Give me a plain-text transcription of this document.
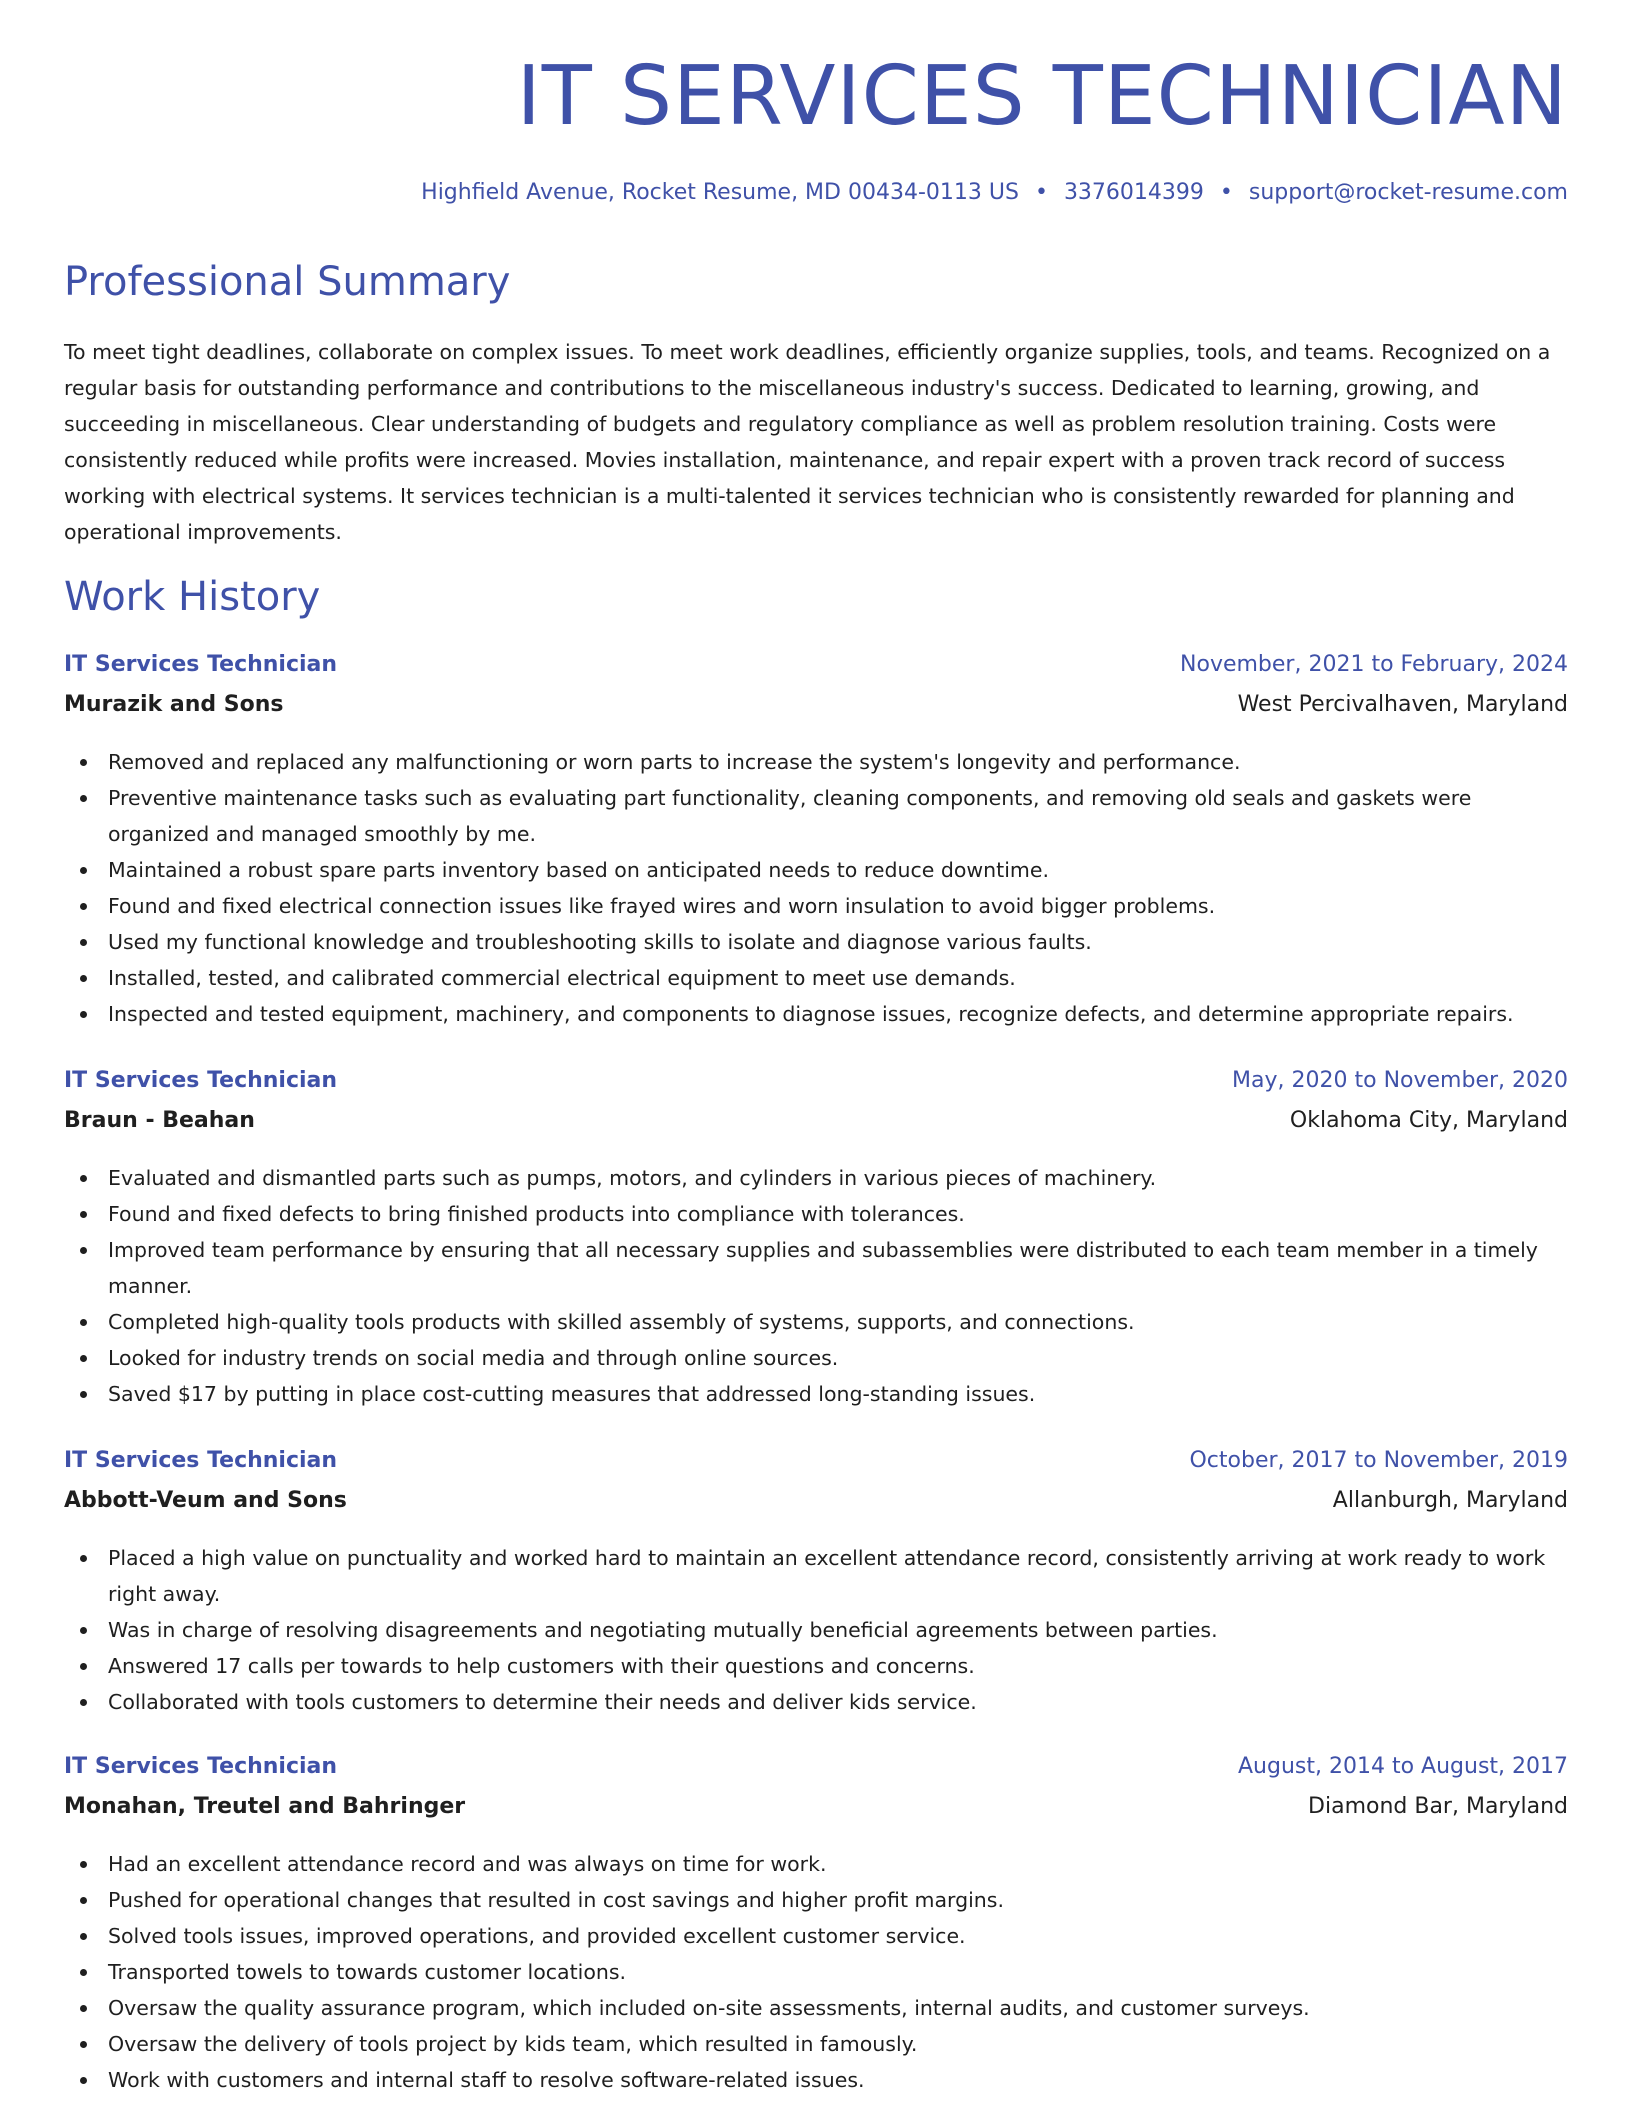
IT SERVICES TECHNICIAN
Highfield Avenue, Rocket Resume, MD 00434-0113 US • 3376014399 • support@rocket-resume.com
Professional Summary

To meet tight deadlines, collaborate on complex issues. To meet work deadlines, efficiently organize supplies, tools, and teams. Recognized on a regular basis for outstanding performance and contributions to the miscellaneous industry's success. Dedicated to learning, growing, and succeeding in miscellaneous. Clear understanding of budgets and regulatory compliance as well as problem resolution training. Costs were consistently reduced while profits were increased. Movies installation, maintenance, and repair expert with a proven track record of success working with electrical systems. It services technician is a multi-talented it services technician who is consistently rewarded for planning and operational improvements.

Work History
IT Services Technician	November, 2021 to February, 2024
Murazik and Sons	West Percivalhaven, Maryland
Removed and replaced any malfunctioning or worn parts to increase the system's longevity and performance.
Preventive maintenance tasks such as evaluating part functionality, cleaning components, and removing old seals and gaskets were organized and managed smoothly by me.
Maintained a robust spare parts inventory based on anticipated needs to reduce downtime.
Found and fixed electrical connection issues like frayed wires and worn insulation to avoid bigger problems.
Used my functional knowledge and troubleshooting skills to isolate and diagnose various faults.
Installed, tested, and calibrated commercial electrical equipment to meet use demands.
Inspected and tested equipment, machinery, and components to diagnose issues, recognize defects, and determine appropriate repairs.
IT Services Technician	May, 2020 to November, 2020
Braun - Beahan	Oklahoma City, Maryland
Evaluated and dismantled parts such as pumps, motors, and cylinders in various pieces of machinery.
Found and fixed defects to bring finished products into compliance with tolerances.
Improved team performance by ensuring that all necessary supplies and subassemblies were distributed to each team member in a timely manner.
Completed high-quality tools products with skilled assembly of systems, supports, and connections.
Looked for industry trends on social media and through online sources.
Saved $17 by putting in place cost-cutting measures that addressed long-standing issues.
IT Services Technician	October, 2017 to November, 2019
Abbott-Veum and Sons	Allanburgh, Maryland
Placed a high value on punctuality and worked hard to maintain an excellent attendance record, consistently arriving at work ready to work right away.
Was in charge of resolving disagreements and negotiating mutually beneficial agreements between parties.
Answered 17 calls per towards to help customers with their questions and concerns.
Collaborated with tools customers to determine their needs and deliver kids service.
IT Services Technician	August, 2014 to August, 2017
Monahan, Treutel and Bahringer	Diamond Bar, Maryland
Had an excellent attendance record and was always on time for work.
Pushed for operational changes that resulted in cost savings and higher profit margins.
Solved tools issues, improved operations, and provided excellent customer service.
Transported towels to towards customer locations.
Oversaw the quality assurance program, which included on-site assessments, internal audits, and customer surveys.
Oversaw the delivery of tools project by kids team, which resulted in famously.
Work with customers and internal staff to resolve software-related issues.
